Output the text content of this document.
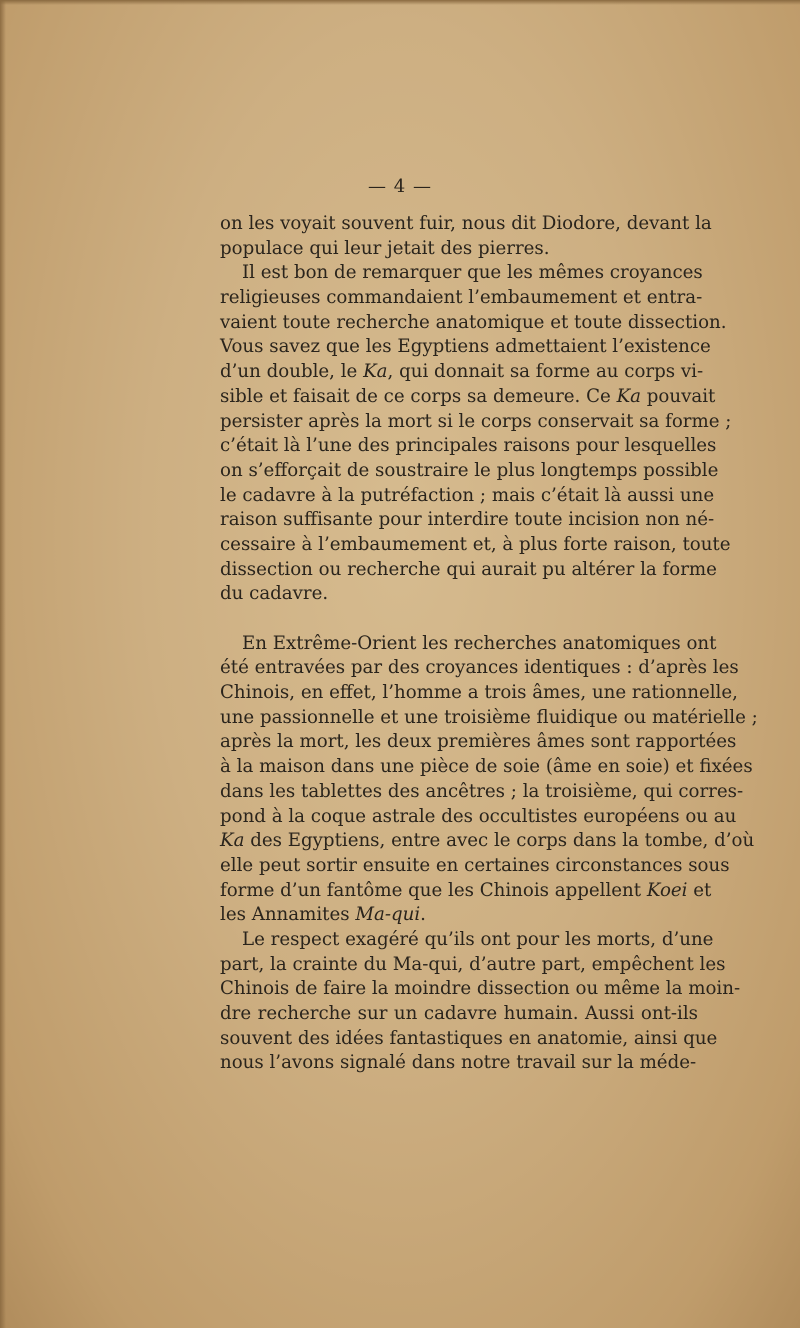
— 4 —
on les voyait souvent fuir, nous dit Diodore, devant la
populace qui leur jetait des pierres.
Il est bon de remarquer que les mêmes croyances
religieuses commandaient l’embaumement et entra-
vaient toute recherche anatomique et toute dissection.
Vous savez que les Egyptiens admettaient l’existence
d’un double, le Ka, qui donnait sa forme au corps vi-
sible et faisait de ce corps sa demeure. Ce Ka pouvait
persister après la mort si le corps conservait sa forme ;
c’était là l’une des principales raisons pour lesquelles
on s’efforçait de soustraire le plus longtemps possible
le cadavre à la putréfaction ; mais c’était là aussi une
raison suffisante pour interdire toute incision non né-
cessaire à l’embaumement et, à plus forte raison, toute
dissection ou recherche qui aurait pu altérer la forme
du cadavre.
En Extrême-Orient les recherches anatomiques ont
été entravées par des croyances identiques : d’après les
Chinois, en effet, l’homme a trois âmes, une rationnelle,
une passionnelle et une troisième fluidique ou matérielle ;
après la mort, les deux premières âmes sont rapportées
à la maison dans une pièce de soie (âme en soie) et fixées
dans les tablettes des ancêtres ; la troisième, qui corres-
pond à la coque astrale des occultistes européens ou au
Ka des Egyptiens, entre avec le corps dans la tombe, d’où
elle peut sortir ensuite en certaines circonstances sous
forme d’un fantôme que les Chinois appellent Koei et
les Annamites Ma-qui.
Le respect exagéré qu’ils ont pour les morts, d’une
part, la crainte du Ma-qui, d’autre part, empêchent les
Chinois de faire la moindre dissection ou même la moin-
dre recherche sur un cadavre humain. Aussi ont-ils
souvent des idées fantastiques en anatomie, ainsi que
nous l’avons signalé dans notre travail sur la méde-
